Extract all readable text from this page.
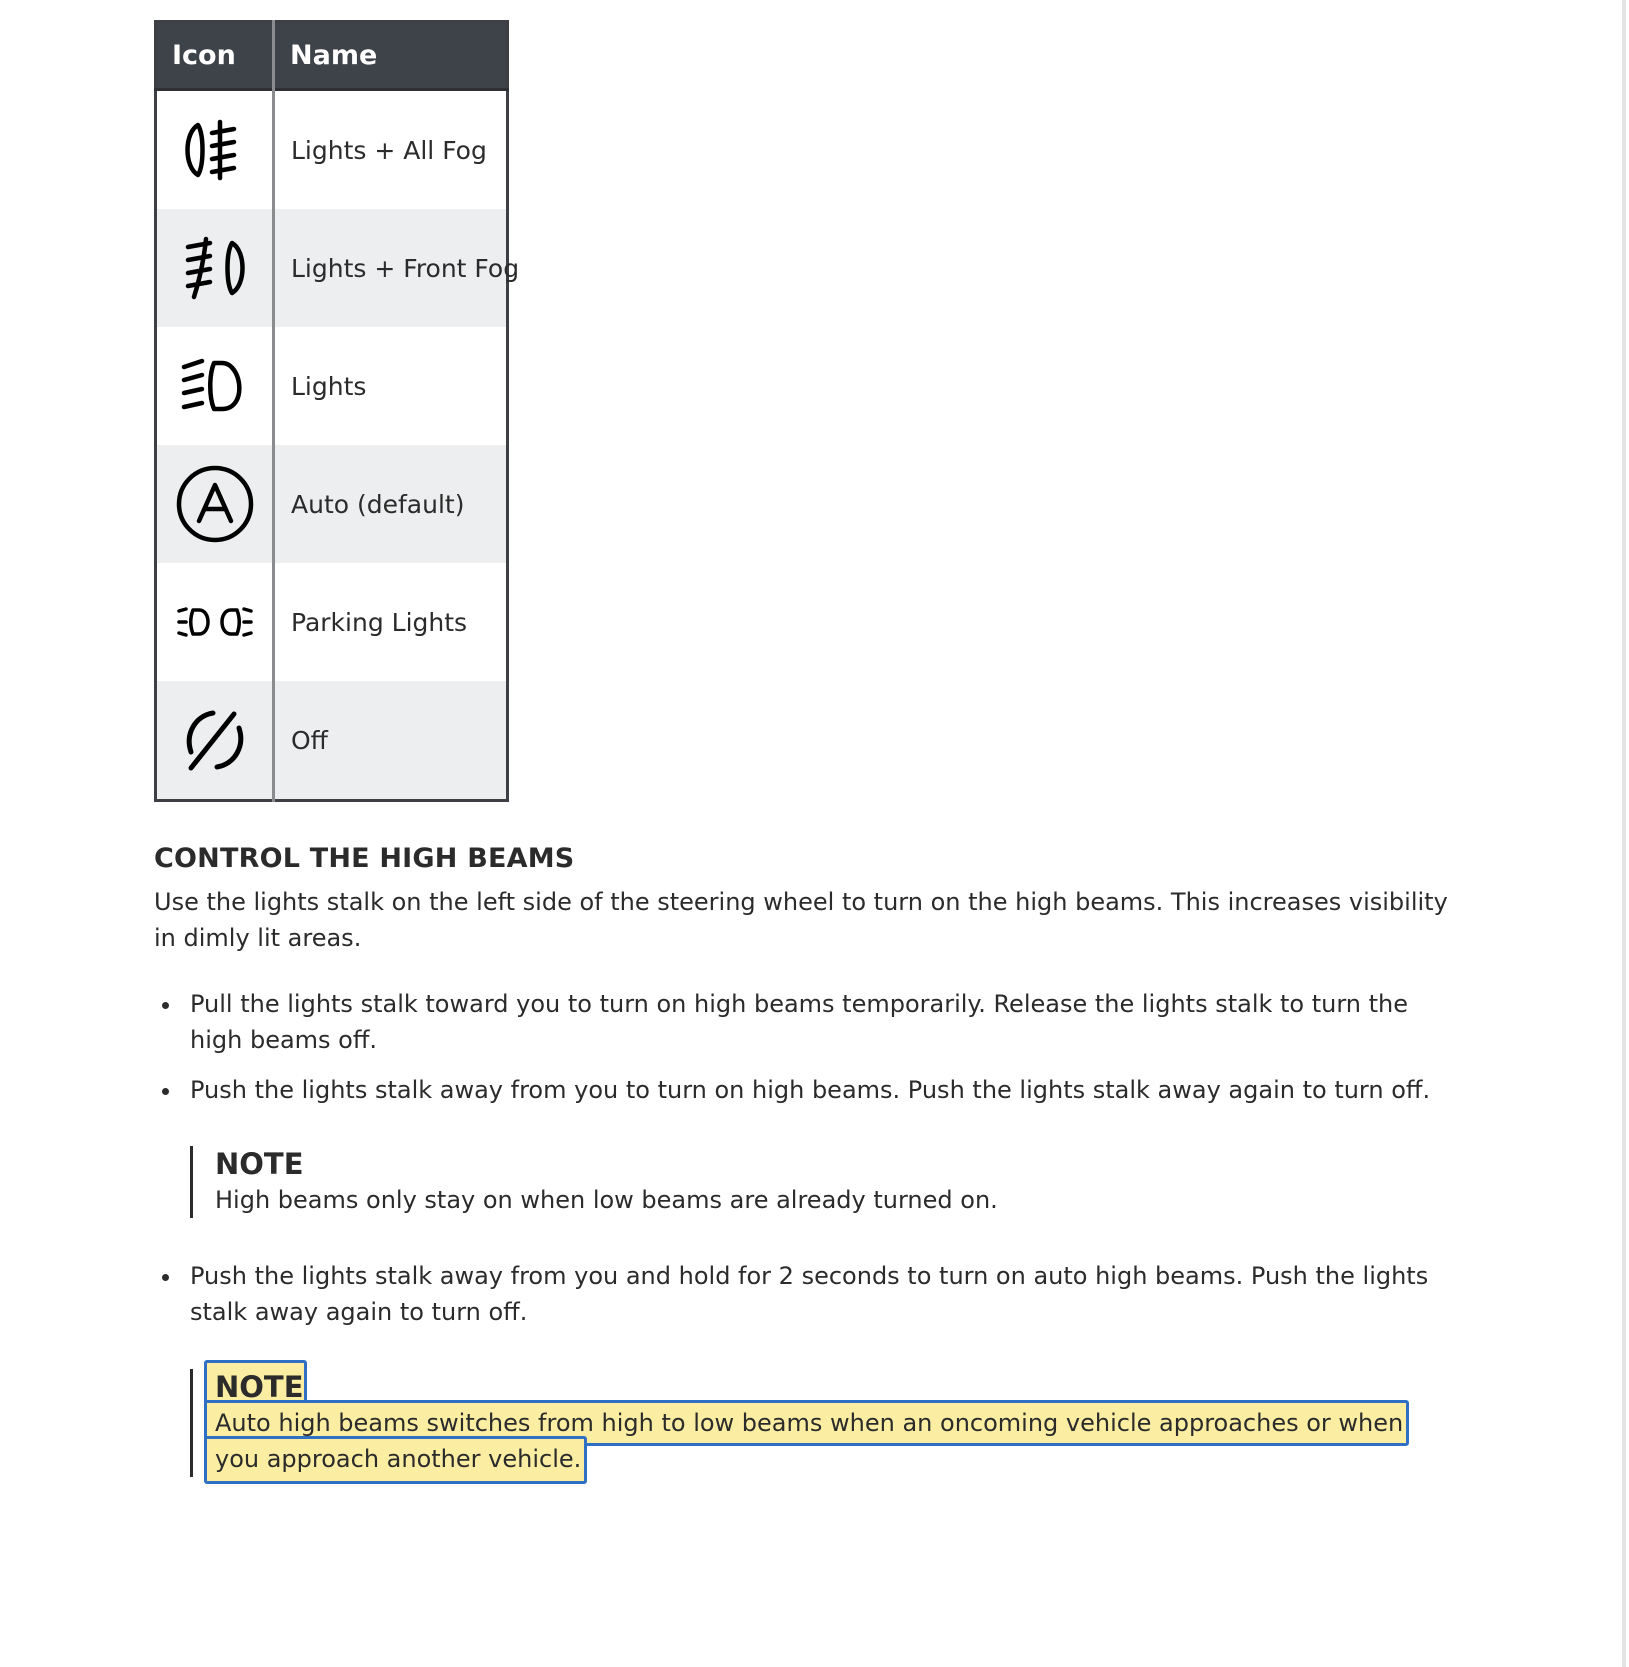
Icon	Name

	Lights + All Fog

	Lights + Front Fog

	Lights

	Auto (default)

	Parking Lights

	Off
CONTROL THE HIGH BEAMS

Use the lights stalk on the left side of the steering wheel to turn on the high beams. This increases visibility in dimly lit areas.

Pull the lights stalk toward you to turn on high beams temporarily. Release the lights stalk to turn the high beams off.

Push the lights stalk away from you to turn on high beams. Push the lights stalk away again to turn off.

NOTE
High beams only stay on when low beams are already turned on.

Push the lights stalk away from you and hold for 2 seconds to turn on auto high beams. Push the lights stalk away again to turn off.

NOTE
Auto high beams switches from high to low beams when an oncoming vehicle approaches or when you approach another vehicle.
